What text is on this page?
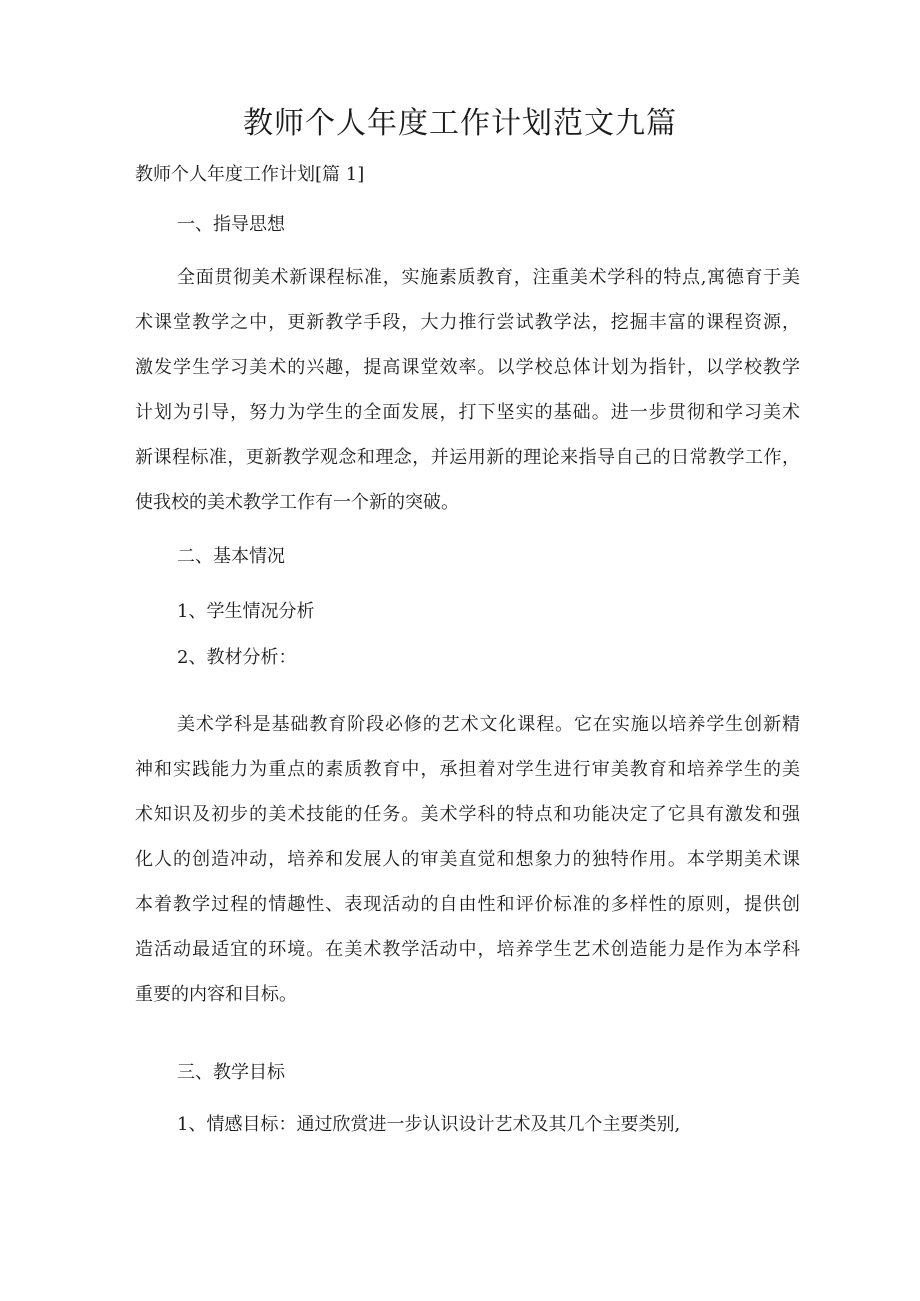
教师个人年度工作计划范文九篇
教师个人年度工作计划[篇 1]
一、指导思想
全面贯彻美术新课程标准，实施素质教育，注重美术学科的特点,寓德育于美
术课堂教学之中，更新教学手段，大力推行尝试教学法，挖掘丰富的课程资源，
激发学生学习美术的兴趣，提高课堂效率。以学校总体计划为指针，以学校教学
计划为引导，努力为学生的全面发展，打下坚实的基础。进一步贯彻和学习美术
新课程标准，更新教学观念和理念，并运用新的理论来指导自己的日常教学工作，
使我校的美术教学工作有一个新的突破。
二、基本情况
1、学生情况分析
2、教材分析：
美术学科是基础教育阶段必修的艺术文化课程。它在实施以培养学生创新精
神和实践能力为重点的素质教育中，承担着对学生进行审美教育和培养学生的美
术知识及初步的美术技能的任务。美术学科的特点和功能决定了它具有激发和强
化人的创造冲动，培养和发展人的审美直觉和想象力的独特作用。本学期美术课
本着教学过程的情趣性、表现活动的自由性和评价标准的多样性的原则，提供创
造活动最适宜的环境。在美术教学活动中，培养学生艺术创造能力是作为本学科
重要的内容和目标。
三、教学目标
1、情感目标：通过欣赏进一步认识设计艺术及其几个主要类别,
